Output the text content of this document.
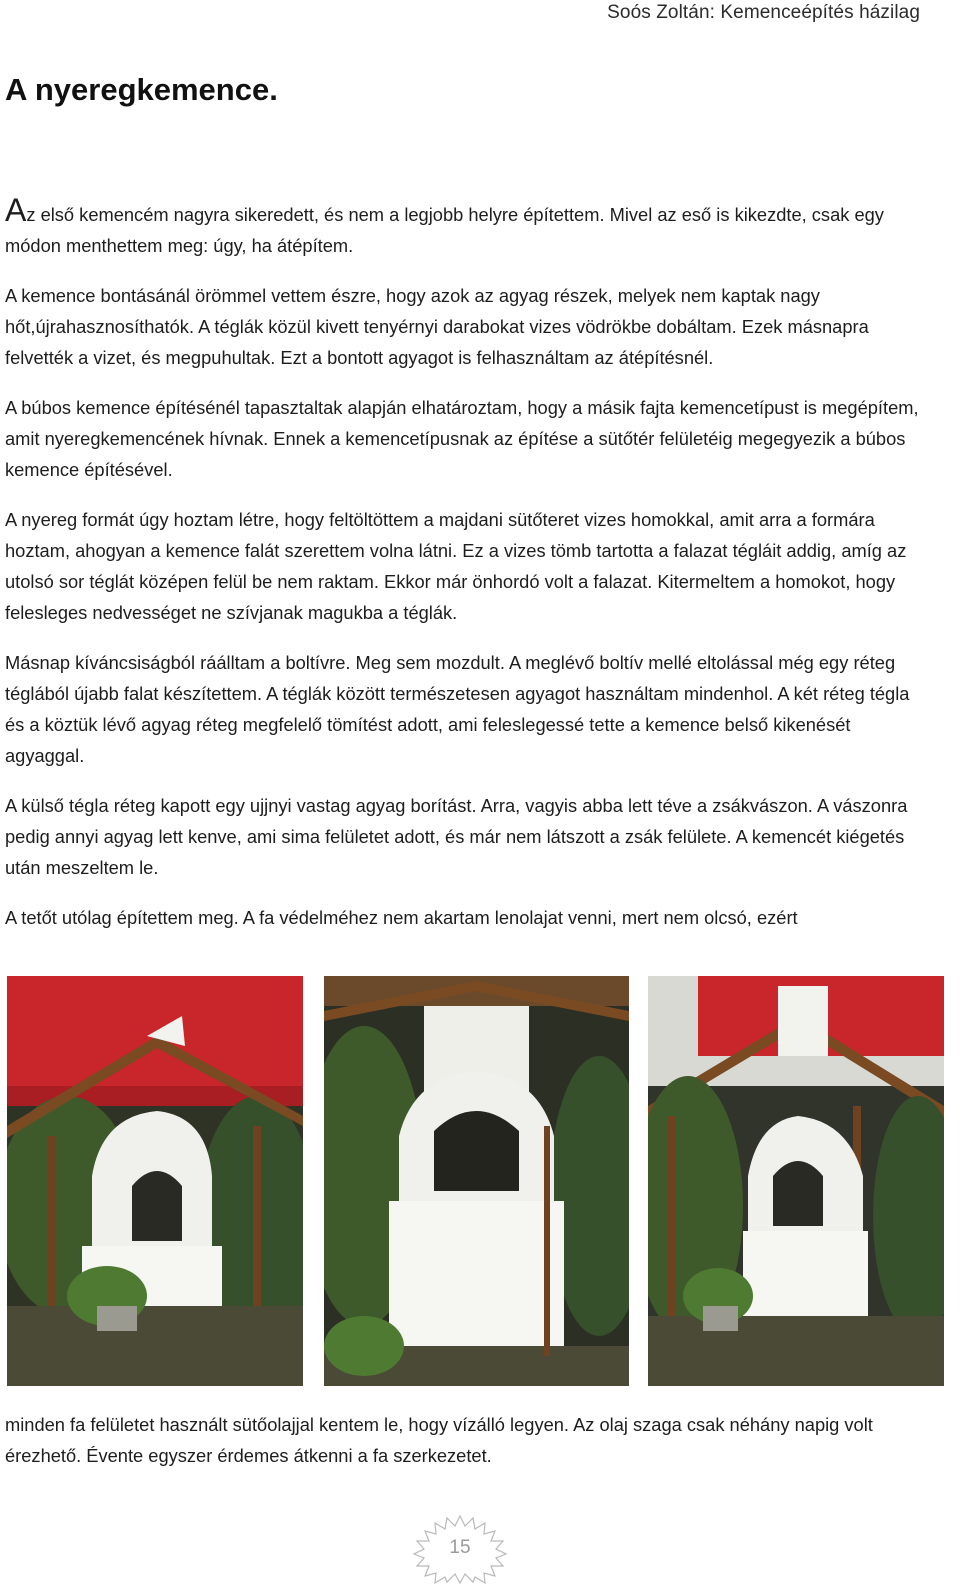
Soós Zoltán: Kemenceépítés házilag
A nyeregkemence.

Az első kemencém nagyra sikeredett, és nem a legjobb helyre építettem. Mivel az eső is kikezdte, csak egy módon menthettem meg: úgy, ha átépítem.

A kemence bontásánál örömmel vettem észre, hogy azok az agyag részek, melyek nem kaptak nagy hőt,újrahasznosíthatók. A téglák közül kivett tenyérnyi darabokat vizes vödrökbe dobáltam. Ezek másnapra felvették a vizet, és megpuhultak. Ezt a bontott agyagot is felhasználtam az átépítésnél.

A búbos kemence építésénél tapasztaltak alapján elhatároztam, hogy a másik fajta kemencetípust is megépítem, amit nyeregkemencének hívnak. Ennek a kemencetípusnak az építése a sütőtér felületéig megegyezik a búbos kemence építésével.

A nyereg formát úgy hoztam létre, hogy feltöltöttem a majdani sütőteret vizes homokkal, amit arra a formára hoztam, ahogyan a kemence falát szerettem volna látni. Ez a vizes tömb tartotta a falazat tégláit addig, amíg az utolsó sor téglát középen felül be nem raktam. Ekkor már önhordó volt a falazat. Kitermeltem a homokot, hogy felesleges nedvességet ne szívjanak magukba a téglák.

Másnap kíváncsiságból ráálltam a boltívre. Meg sem mozdult. A meglévő boltív mellé eltolással még egy réteg téglából újabb falat készítettem. A téglák között természetesen agyagot használtam mindenhol. A két réteg tégla és a köztük lévő agyag réteg megfelelő tömítést adott, ami feleslegessé tette a kemence belső kikenését agyaggal.

A külső tégla réteg kapott egy ujjnyi vastag agyag borítást. Arra, vagyis abba lett téve a zsákvászon. A vászonra pedig annyi agyag lett kenve, ami sima felületet adott, és már nem látszott a zsák felülete. A kemencét kiégetés után meszeltem le.

A tetőt utólag építettem meg. A fa védelméhez nem akartam lenolajat venni, mert nem olcsó, ezért

minden fa felületet használt sütőolajjal kentem le, hogy vízálló legyen. Az olaj szaga csak néhány napig volt érezhető. Évente egyszer érdemes átkenni a fa szerkezetet.

15
